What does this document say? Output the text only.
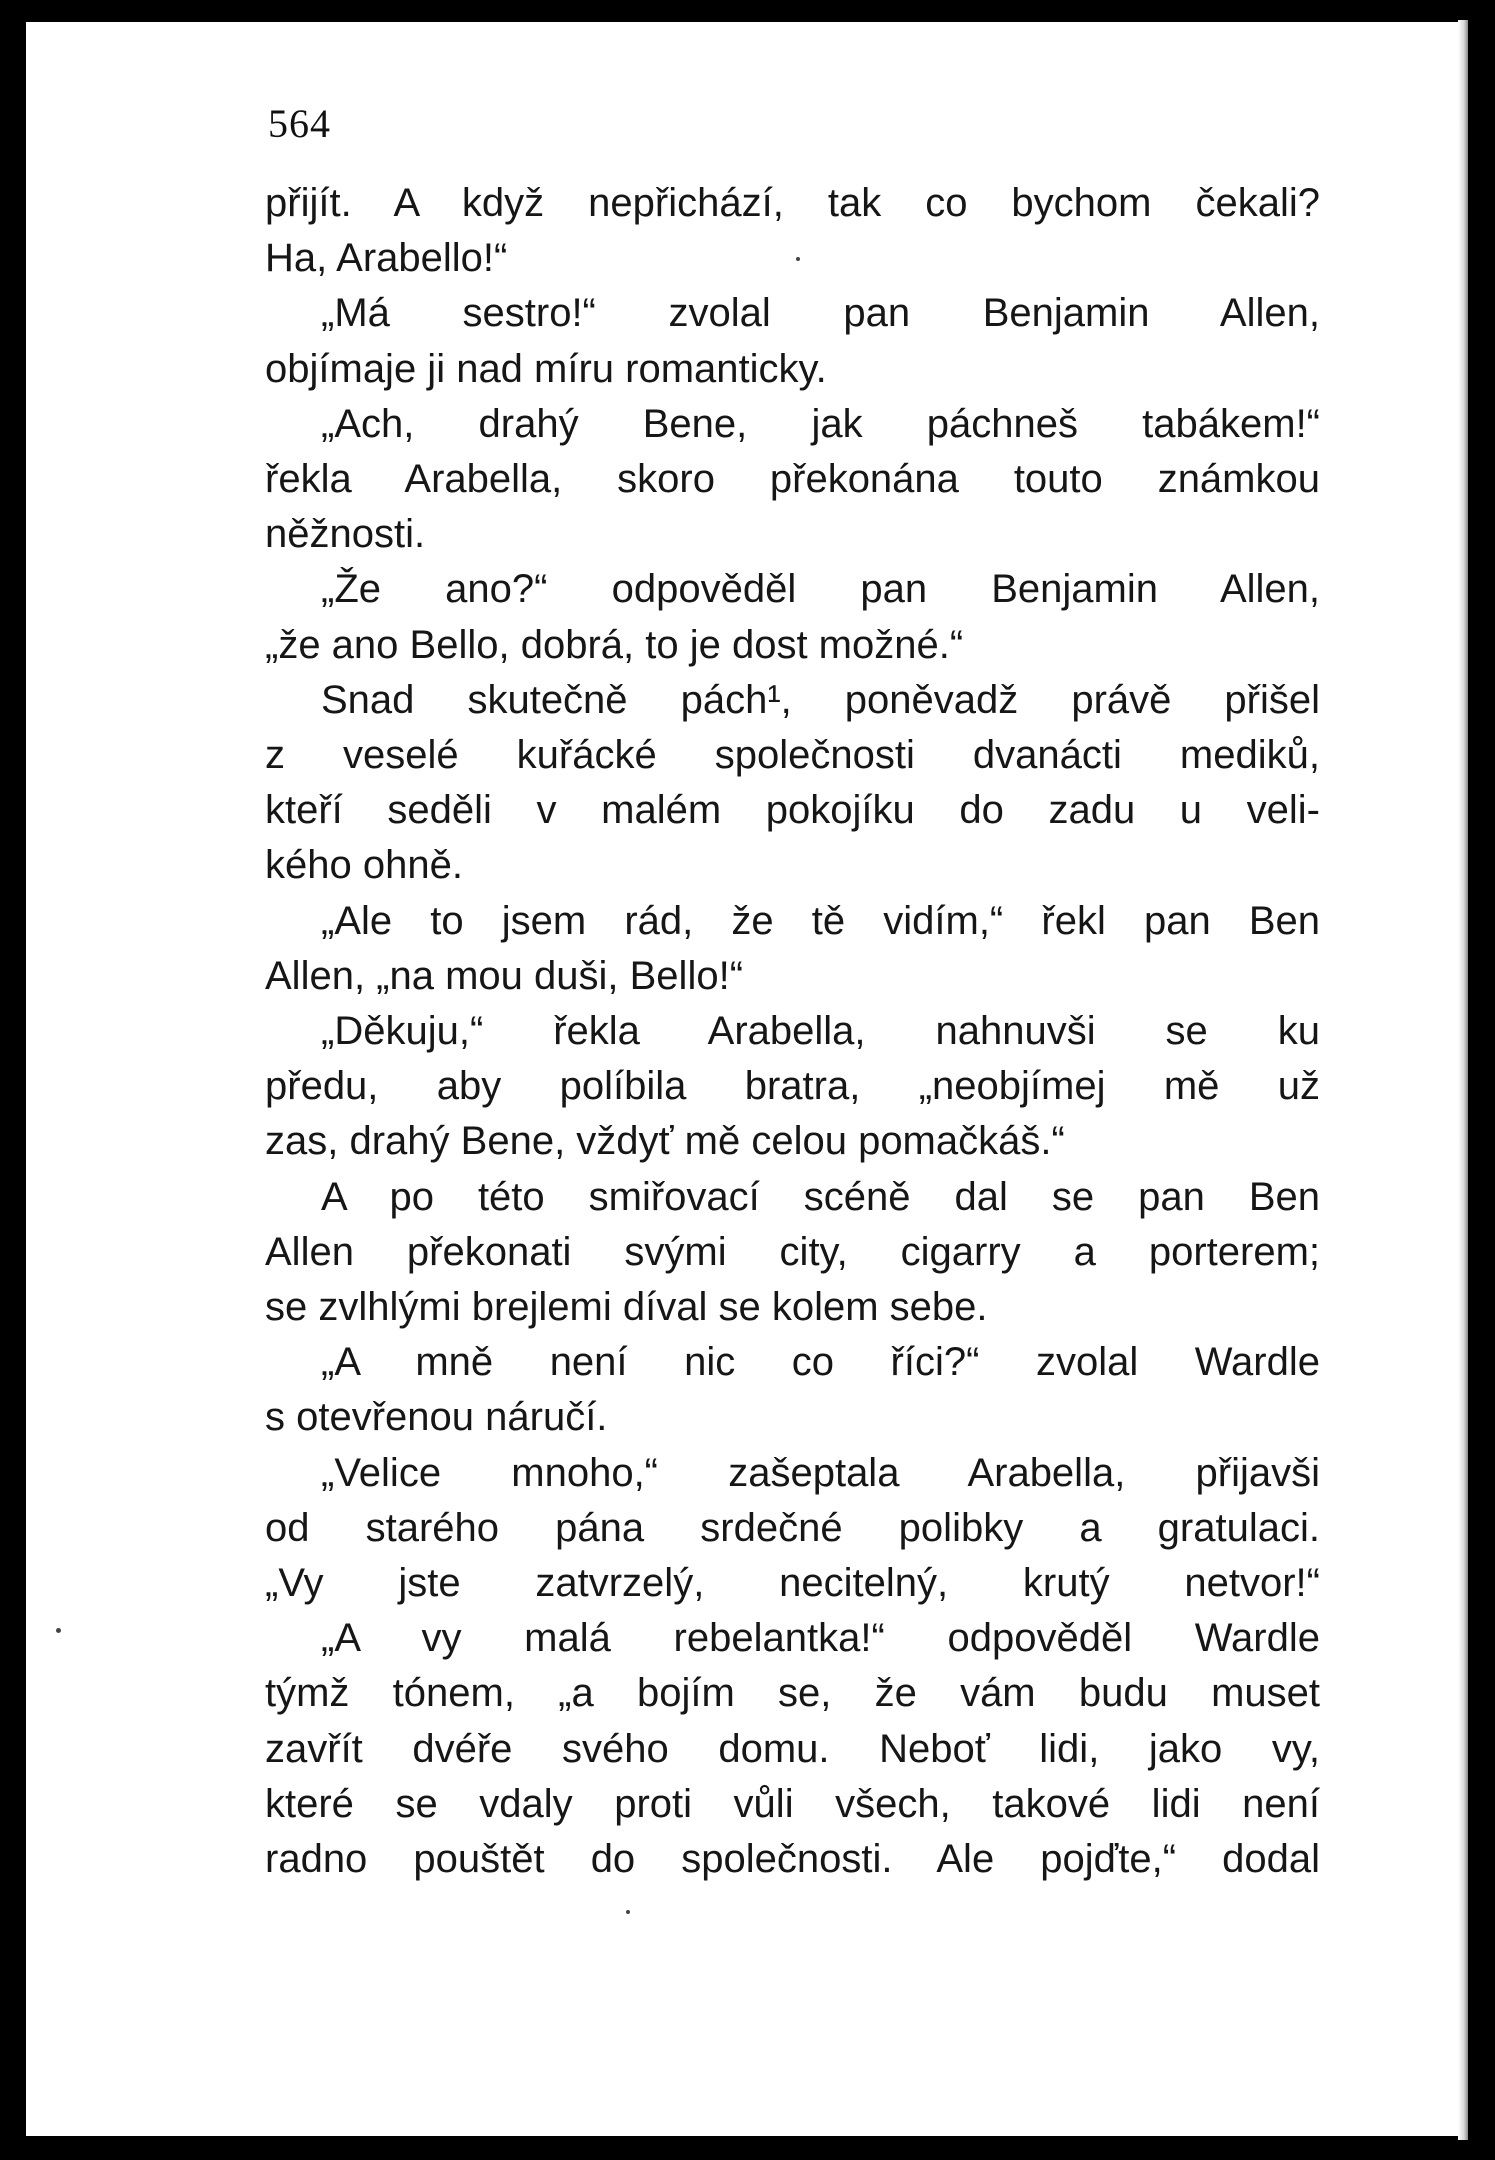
564

přijít. A když nepřichází, tak co bychom čekali?

Ha, Arabello!“

„Má sestro!“ zvolal pan Benjamin Allen,

objímaje ji nad míru romanticky.

„Ach, drahý Bene, jak páchneš tabákem!“

řekla Arabella, skoro překonána touto známkou

něžnosti.

„Že ano?“ odpověděl pan Benjamin Allen,

„že ano Bello, dobrá, to je dost možné.“

Snad skutečně pách¹, poněvadž právě přišel

z veselé kuřácké společnosti dvanácti mediků,

kteří seděli v malém pokojíku do zadu u veli-

kého ohně.

„Ale to jsem rád, že tě vidím,“ řekl pan Ben

Allen, „na mou duši, Bello!“

„Děkuju,“ řekla Arabella, nahnuvši se ku

předu, aby políbila bratra, „neobjímej mě už

zas, drahý Bene, vždyť mě celou pomačkáš.“

A po této smiřovací scéně dal se pan Ben

Allen překonati svými city, cigarry a porterem;

se zvlhlými brejlemi díval se kolem sebe.

„A mně není nic co říci?“ zvolal Wardle

s otevřenou náručí.

„Velice mnoho,“ zašeptala Arabella, přijavši

od starého pána srdečné polibky a gratulaci.

„Vy jste zatvrzelý, necitelný, krutý netvor!“

„A vy malá rebelantka!“ odpověděl Wardle

týmž tónem, „a bojím se, že vám budu muset

zavřít dvéře svého domu. Neboť lidi, jako vy,

které se vdaly proti vůli všech, takové lidi není

radno pouštět do společnosti. Ale pojďte,“ dodal
